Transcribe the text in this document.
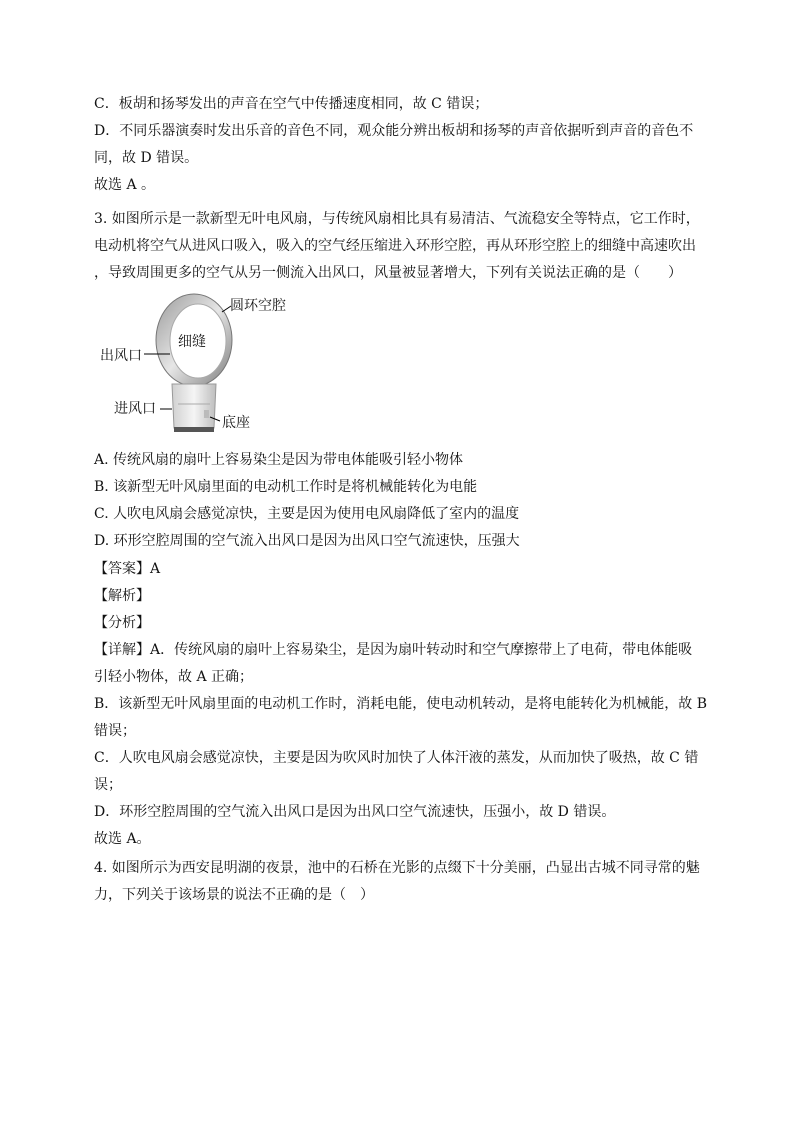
C．板胡和扬琴发出的声音在空气中传播速度相同，故 C 错误；
D．不同乐器演奏时发出乐音的音色不同，观众能分辨出板胡和扬琴的声音依据听到声音的音色不
同，故 D 错误。
故选 A 。
3. 如图所示是一款新型无叶电风扇，与传统风扇相比具有易清洁、气流稳安全等特点，它工作时，
电动机将空气从进风口吸入，吸入的空气经压缩进入环形空腔，再从环形空腔上的细缝中高速吹出
，导致周围更多的空气从另一侧流入出风口，风量被显著增大，下列有关说法正确的是（　　）
圆环空腔
细缝
出风口
进风口
底座
A. 传统风扇的扇叶上容易染尘是因为带电体能吸引轻小物体
B. 该新型无叶风扇里面的电动机工作时是将机械能转化为电能
C. 人吹电风扇会感觉凉快，主要是因为使用电风扇降低了室内的温度
D. 环形空腔周围的空气流入出风口是因为出风口空气流速快，压强大
【答案】A
【解析】
【分析】
【详解】A．传统风扇的扇叶上容易染尘，是因为扇叶转动时和空气摩擦带上了电荷，带电体能吸
引轻小物体，故 A 正确；
B．该新型无叶风扇里面的电动机工作时，消耗电能，使电动机转动，是将电能转化为机械能，故 B
错误；
C．人吹电风扇会感觉凉快，主要是因为吹风时加快了人体汗液的蒸发，从而加快了吸热，故 C 错
误；
D．环形空腔周围的空气流入出风口是因为出风口空气流速快，压强小，故 D 错误。
故选 A。
4. 如图所示为西安昆明湖的夜景，池中的石桥在光影的点缀下十分美丽，凸显出古城不同寻常的魅
力，下列关于该场景的说法不正确的是（　）
